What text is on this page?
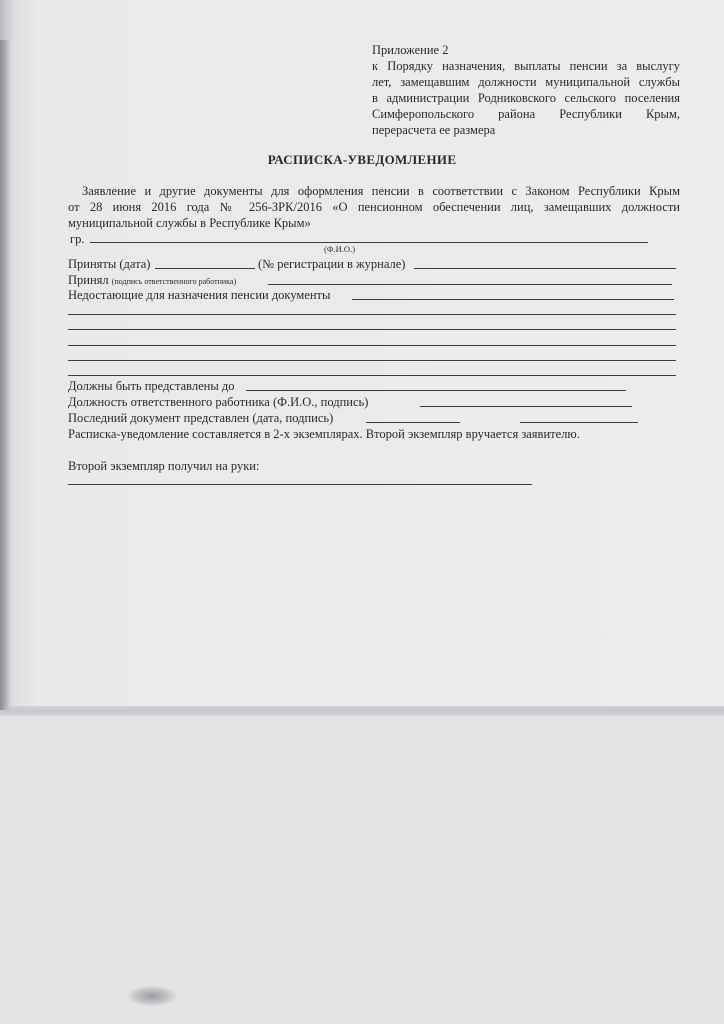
Приложение 2
к Порядку назначения, выплаты пенсии за выслугу
лет, замещавшим должности муниципальной службы
в администрации Родниковского сельского поселения
Симферопольского района Республики Крым,
перерасчета ее размера
РАСПИСКА-УВЕДОМЛЕНИЕ
Заявление и другие документы для оформления пенсии в соответствии с Законом Республики Крым
от 28 июня 2016 года № 256-ЗРК/2016 «О пенсионном обеспечении лиц, замещавших должности
муниципальной службы в Республике Крым»
гр.
(Ф.И.О.)
Приняты (дата)	(№ регистрации в журнале)
Принял (подпись ответственного работника)
Недостающие для назначения пенсии документы
Должны быть представлены до
Должность ответственного работника (Ф.И.О., подпись)
Последний документ представлен (дата, подпись)
Расписка-уведомление составляется в 2-х экземплярах. Второй экземпляр вручается заявителю.
Второй экземпляр получил на руки:
